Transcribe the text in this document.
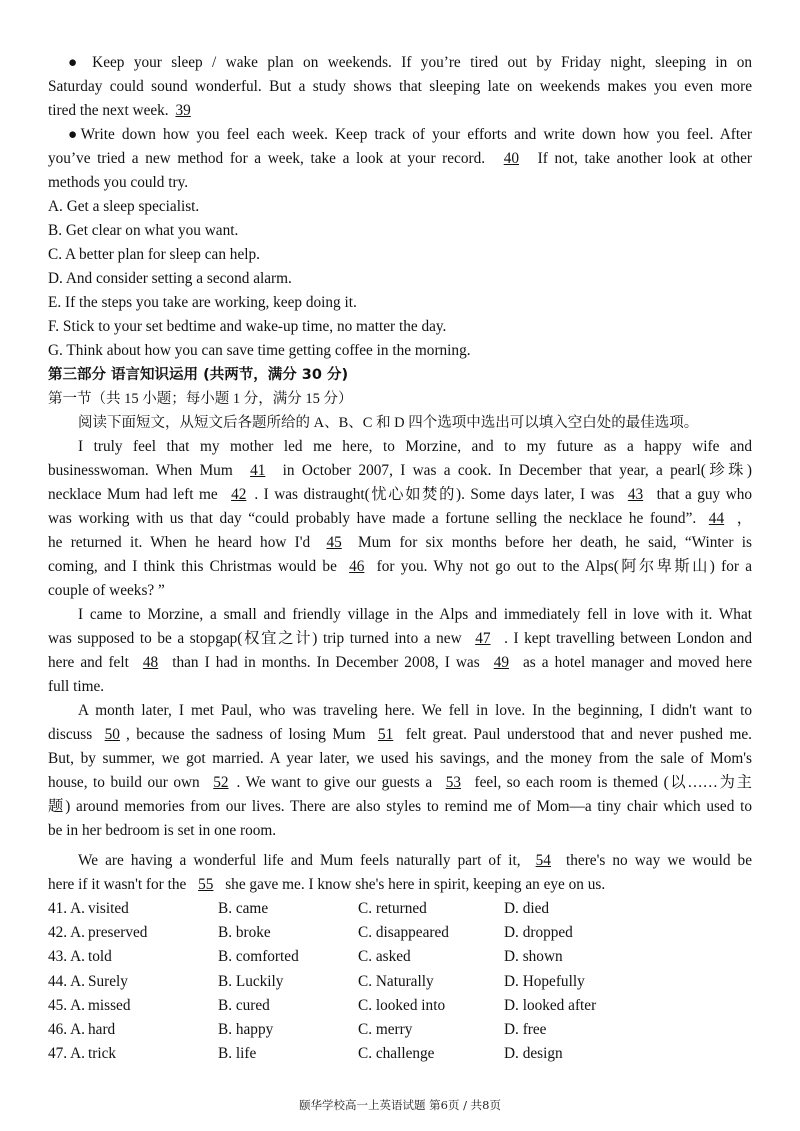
● Keep your sleep / wake plan on weekends. If you’re tired out by Friday night, sleeping in on
Saturday could sound wonderful. But a study shows that sleeping late on weekends makes you even more
tired the next week. 39
●Write down how you feel each week. Keep track of your efforts and write down how you feel. After
you’ve tried a new method for a week, take a look at your record. 40 If not, take another look at other
methods you could try.
A. Get a sleep specialist.
B. Get clear on what you want.
C. A better plan for sleep can help.
D. And consider setting a second alarm.
E. If the steps you take are working, keep doing it.
F. Stick to your set bedtime and wake-up time, no matter the day.
G. Think about how you can save time getting coffee in the morning.
第三部分 语言知识运用 (共两节，满分 30 分)
第一节（共 15 小题；每小题 1 分，满分 15 分）
阅读下面短文，从短文后各题所给的 A、B、C 和 D 四个选项中选出可以填入空白处的最佳选项。
I truly feel that my mother led me here, to Morzine, and to my future as a happy wife and
businesswoman. When Mum 41 in October 2007, I was a cook. In December that year, a pearl(珍珠)
necklace Mum had left me 42 . I was distraught(忧心如焚的). Some days later, I was 43 that a guy who
was working with us that day “could probably have made a fortune selling the necklace he found”. 44 ，
he returned it. When he heard how I'd 45 Mum for six months before her death, he said, “Winter is
coming, and I think this Christmas would be 46 for you. Why not go out to the Alps(阿尔卑斯山) for a
couple of weeks? ”
I came to Morzine, a small and friendly village in the Alps and immediately fell in love with it. What
was supposed to be a stopgap(权宜之计) trip turned into a new 47 . I kept travelling between London and
here and felt 48 than I had in months. In December 2008, I was 49 as a hotel manager and moved here
full time.
A month later, I met Paul, who was traveling here. We fell in love. In the beginning, I didn't want to
discuss 50 , because the sadness of losing Mum 51 felt great. Paul understood that and never pushed me.
But, by summer, we got married. A year later, we used his savings, and the money from the sale of Mom's
house, to build our own 52 . We want to give our guests a 53 feel, so each room is themed (以……为主
题) around memories from our lives. There are also styles to remind me of Mom—a tiny chair which used to
be in her bedroom is set in one room.
We are having a wonderful life and Mum feels naturally part of it, 54 there's no way we would be
here if it wasn't for the 55 she gave me. I know she's here in spirit, keeping an eye on us.
41. A. visited	B. came	C. returned	D. died
42. A. preserved	B. broke	C. disappeared	D. dropped
43. A. told	B. comforted	C. asked	D. shown
44. A. Surely	B. Luckily	C. Naturally	D. Hopefully
45. A. missed	B. cured	C. looked into	D. looked after
46. A. hard	B. happy	C. merry	D. free
47. A. trick	B. life	C. challenge	D. design
颐华学校高一上英语试题 第6页 / 共8页
